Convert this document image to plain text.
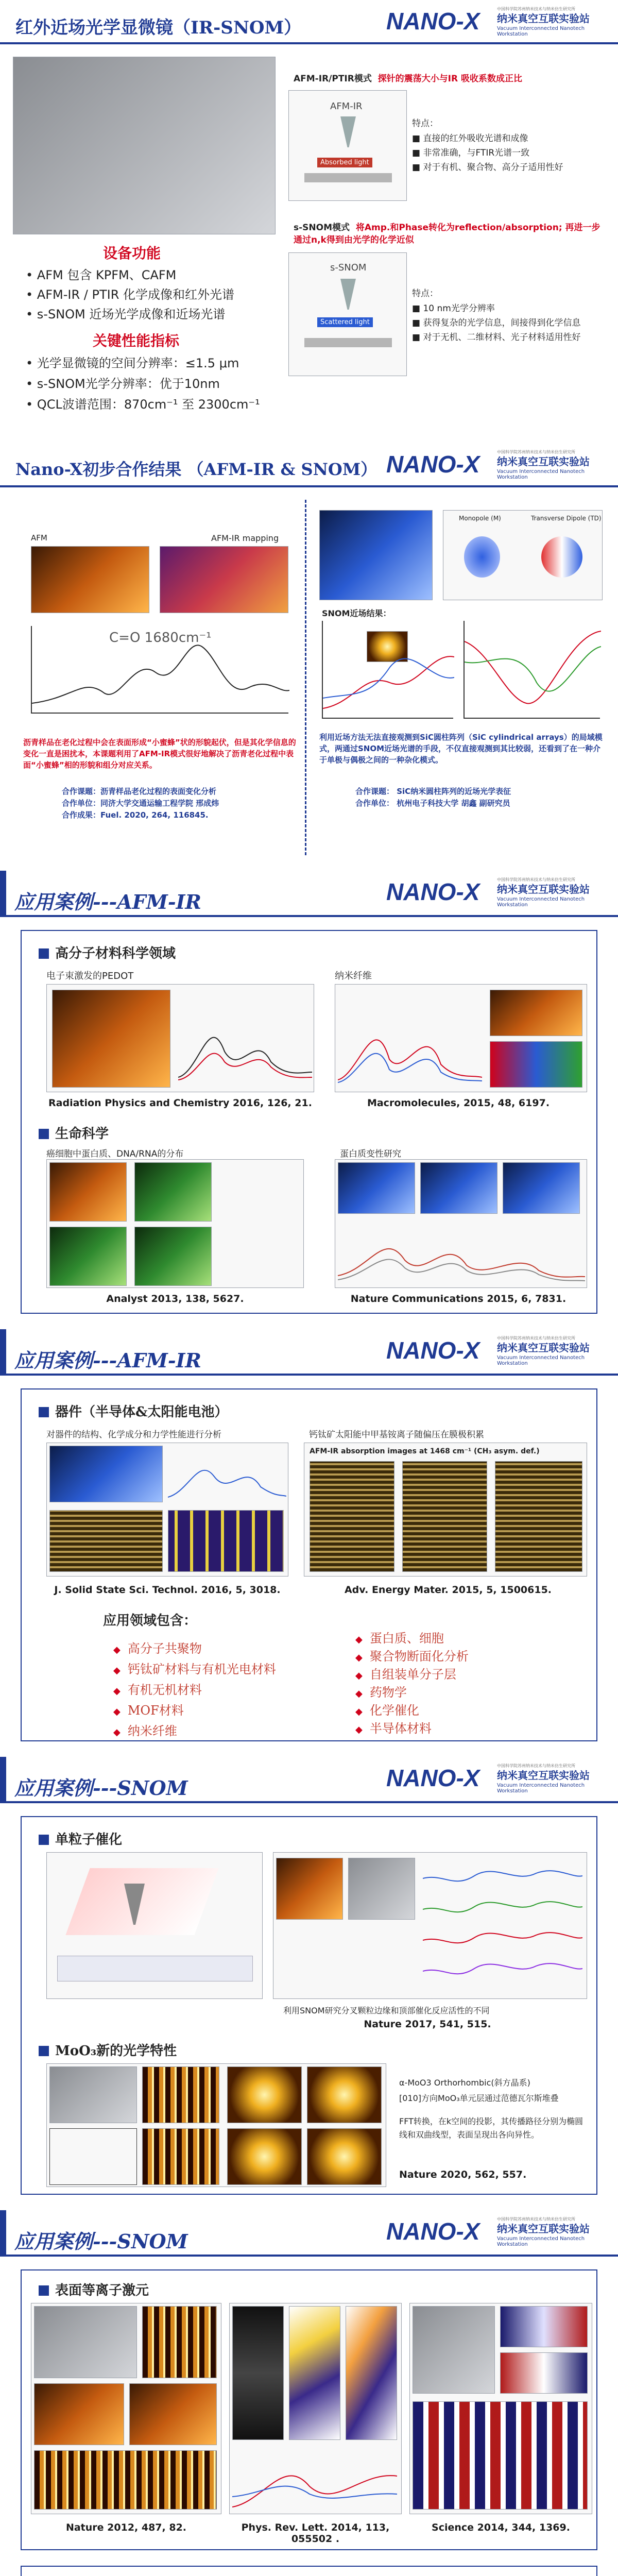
红外近场光学显微镜（IR-SNOM）	NANO-X	中国科学院苏州纳米技术与纳米仿生研究所
纳米真空互联实验站
Vacuum Interconnected Nanotech Workstation
设备功能
• AFM 包含 KPFM、CAFM
• AFM-IR / PTIR 化学成像和红外光谱
• s-SNOM 近场光学成像和近场光谱
关键性能指标
• 光学显微镜的空间分辨率：≤1.5 μm
• s-SNOM光学分辨率：优于10nm
• QCL波谱范围：870cm⁻¹ 至 2300cm⁻¹
AFM-IR/PTIR模式 探针的震荡大小与IR 吸收系数成正比
AFM-IR
Absorbed light
特点：
■ 直接的红外吸收光谱和成像
■ 非常准确，与FTIR光谱一致
■ 对于有机、聚合物、高分子适用性好
s-SNOM模式 将Amp.和Phase转化为reflection/absorption; 再进一步通过n,k得到由光学的化学近似
s-SNOM
Scattered light
特点：
■ 10 nm光学分辨率
■ 获得复杂的光学信息，间接得到化学信息
■ 对于无机、二维材料、光子材料适用性好
Nano-X初步合作结果 （AFM-IR & SNOM） NANO-X	中国科学院苏州纳米技术与纳米仿生研究所
纳米真空互联实验站
Vacuum Interconnected Nanotech Workstation
AFM	AFM-IR mapping
C=O 1680cm⁻¹
沥青样品在老化过程中会在表面形成“小蜜蜂”状的形貌起伏，但是其化学信息的变化一直是困扰本，本课题利用了AFM-IR模式很好地解决了沥青老化过程中表面“小蜜蜂”相的形貌和组分对应关系。
合作课题：沥青样品老化过程的表面变化分析
合作单位：同济大学交通运输工程学院 邢成炜
合作成果：Fuel. 2020, 264, 116845.
Monopole (M)	Transverse Dipole (TD)
SNOM近场结果：
利用近场方法无法直接观测到SiC圆柱阵列（SiC cylindrical arrays）的局域模式，两通过SNOM近场光谱的手段，不仅直接观测到其比较弱，还看到了在一种介于单极与偶极之间的一种杂化模式。
合作课题： SiC纳米圆柱阵列的近场光学表征
合作单位： 杭州电子科技大学 胡鑫 副研究员
应用案例---AFM-IR	NANO-X	中国科学院苏州纳米技术与纳米仿生研究所
纳米真空互联实验站
Vacuum Interconnected Nanotech Workstation
高分子材料科学领域
电子束激发的PEDOT	纳米纤维
Radiation Physics and Chemistry 2016, 126, 21.	Macromolecules, 2015, 48, 6197.
生命科学
癌细胞中蛋白质、DNA/RNA的分布	蛋白质变性研究
Analyst 2013, 138, 5627.	Nature Communications 2015, 6, 7831.
应用案例---AFM-IR	NANO-X	中国科学院苏州纳米技术与纳米仿生研究所
纳米真空互联实验站
Vacuum Interconnected Nanotech Workstation
器件（半导体&太阳能电池）
对器件的结构、化学成分和力学性能进行分析	钙钛矿太阳能中甲基铵离子随偏压在膜极积累
AFM-IR absorption images at 1468 cm⁻¹ (CH₃ asym. def.)
J. Solid State Sci. Technol. 2016, 5, 3018.	Adv. Energy Mater. 2015, 5, 1500615.
应用领域包含：
◆ 高分子共聚物
◆ 钙钛矿材料与有机光电材料
◆ 有机无机材料
◆ MOF材料
◆ 纳米纤维
◆ 蛋白质、细胞
◆ 聚合物断面化分析
◆ 自组装单分子层
◆ 药物学
◆ 化学催化
◆ 半导体材料
应用案例---SNOM	NANO-X	中国科学院苏州纳米技术与纳米仿生研究所
纳米真空互联实验站
Vacuum Interconnected Nanotech Workstation
单粒子催化
利用SNOM研究分叉颗粒边缘和顶部催化反应活性的不同
Nature 2017, 541, 515.
MoO₃新的光学特性
α-MoO3 Orthorhombic(斜方晶系)
[010]方向MoO₃单元层通过范德瓦尔斯堆叠
FFT转换，在k空间的投影，其传播路径分别为椭圆线和双曲线型，表面呈现出各向异性。
Nature 2020, 562, 557.
应用案例---SNOM	NANO-X	中国科学院苏州纳米技术与纳米仿生研究所
纳米真空互联实验站
Vacuum Interconnected Nanotech Workstation
表面等离子激元
Nature 2012, 487, 82.	Phys. Rev. Lett. 2014, 113, 055502 .
Science 2014, 344, 1369.
